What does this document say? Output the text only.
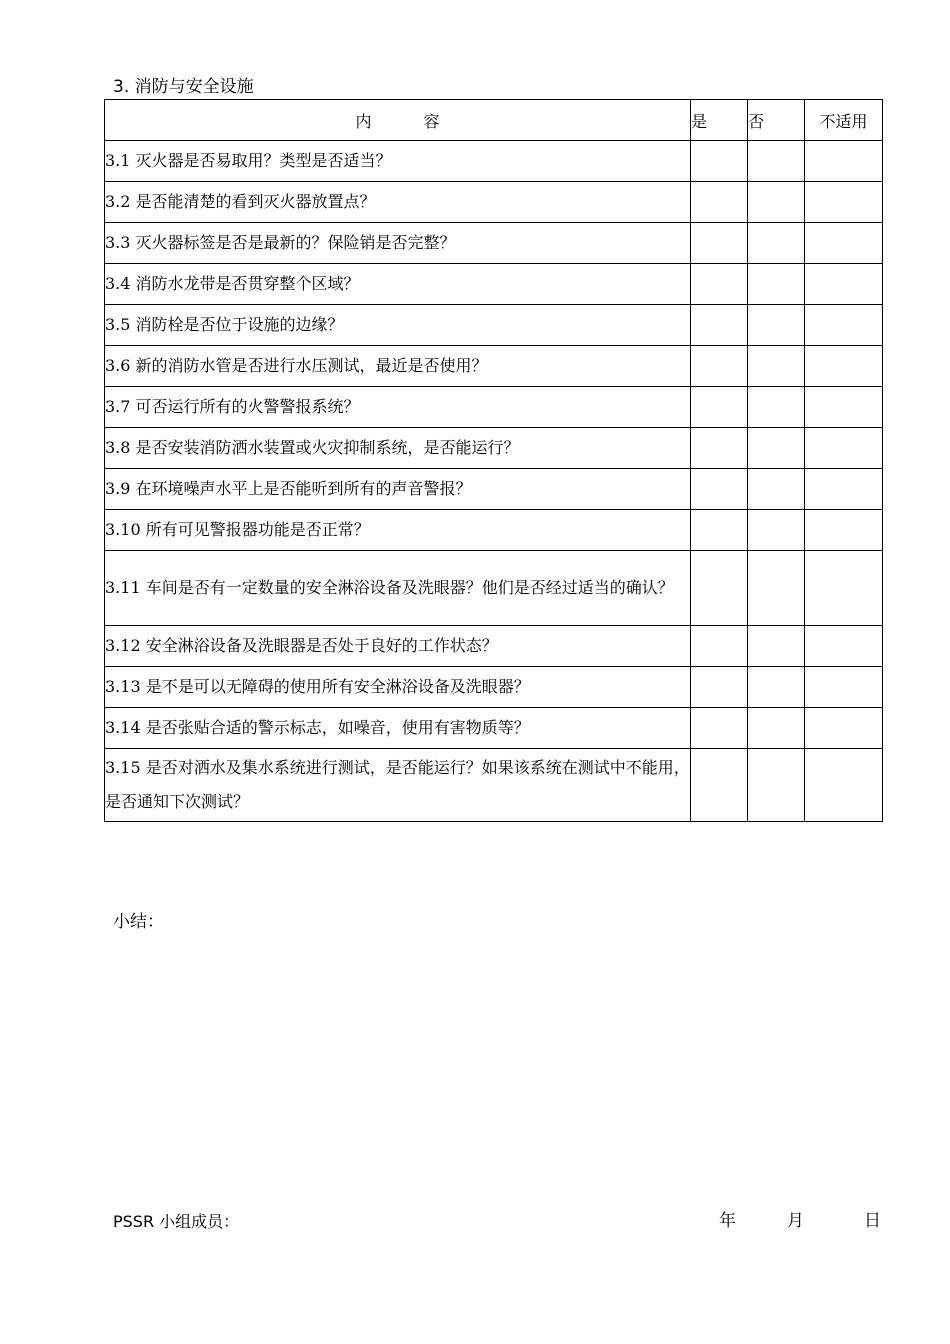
3. 消防与安全设施
内 容	是	否	不适用
3.1 灭火器是否易取用？类型是否适当？			
3.2 是否能清楚的看到灭火器放置点？			
3.3 灭火器标签是否是最新的？保险销是否完整？			
3.4 消防水龙带是否贯穿整个区域？			
3.5 消防栓是否位于设施的边缘？			
3.6 新的消防水管是否进行水压测试，最近是否使用？			
3.7 可否运行所有的火警警报系统？			
3.8 是否安装消防洒水装置或火灾抑制系统，是否能运行？			
3.9 在环境噪声水平上是否能听到所有的声音警报？			
3.10 所有可见警报器功能是否正常？			
3.11 车间是否有一定数量的安全淋浴设备及洗眼器？他们是否经过适当的确认？			
3.12 安全淋浴设备及洗眼器是否处于良好的工作状态？			
3.13 是不是可以无障碍的使用所有安全淋浴设备及洗眼器？			
3.14 是否张贴合适的警示标志，如噪音，使用有害物质等？			
3.15 是否对洒水及集水系统进行测试，是否能运行？如果该系统在测试中不能用，是否通知下次测试？			
小结：
PSSR 小组成员：	年	月	日
